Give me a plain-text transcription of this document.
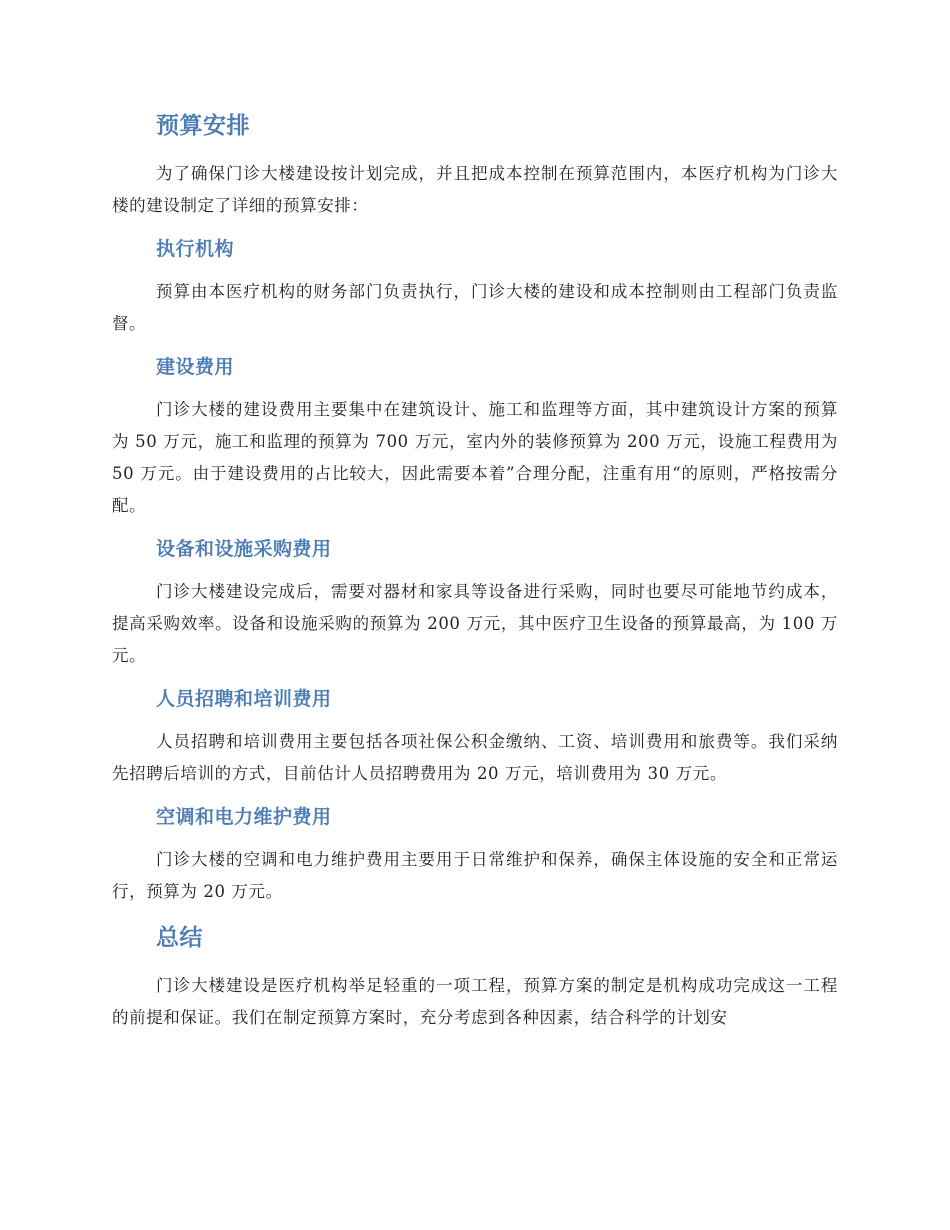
预算安排
为了确保门诊大楼建设按计划完成，并且把成本控制在预算范围内，本医疗机构为门诊大楼的建设制定了详细的预算安排：
执行机构
预算由本医疗机构的财务部门负责执行，门诊大楼的建设和成本控制则由工程部门负责监督。
建设费用
门诊大楼的建设费用主要集中在建筑设计、施工和监理等方面，其中建筑设计方案的预算为 50 万元，施工和监理的预算为 700 万元，室内外的装修预算为 200 万元，设施工程费用为 50 万元。由于建设费用的占比较大，因此需要本着”合理分配，注重有用“的原则，严格按需分配。
设备和设施采购费用
门诊大楼建设完成后，需要对器材和家具等设备进行采购，同时也要尽可能地节约成本，提高采购效率。设备和设施采购的预算为 200 万元，其中医疗卫生设备的预算最高，为 100 万元。
人员招聘和培训费用
人员招聘和培训费用主要包括各项社保公积金缴纳、工资、培训费用和旅费等。我们采纳先招聘后培训的方式，目前估计人员招聘费用为 20 万元，培训费用为 30 万元。
空调和电力维护费用
门诊大楼的空调和电力维护费用主要用于日常维护和保养，确保主体设施的安全和正常运行，预算为 20 万元。
总结
门诊大楼建设是医疗机构举足轻重的一项工程，预算方案的制定是机构成功完成这一工程的前提和保证。我们在制定预算方案时，充分考虑到各种因素，结合科学的计划安
